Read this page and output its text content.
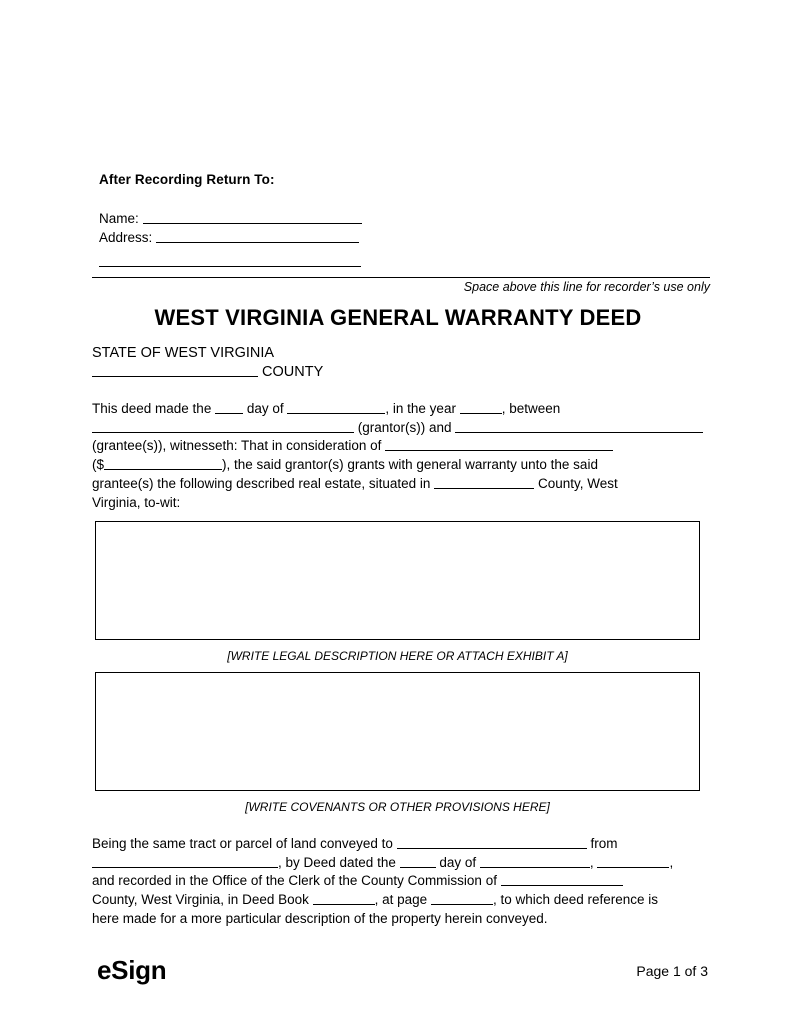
After Recording Return To:
Name:
Address:
Space above this line for recorder’s use only
WEST VIRGINIA GENERAL WARRANTY DEED
STATE OF WEST VIRGINIA
COUNTY
This deed made the	day of	, in the year	, between
(grantor(s)) and
(grantee(s)), witnesseth: That in consideration of
($	), the said grantor(s) grants with general warranty unto the said
grantee(s) the following described real estate, situated in	County, West
Virginia, to-wit:
[WRITE LEGAL DESCRIPTION HERE OR ATTACH EXHIBIT A]
[WRITE COVENANTS OR OTHER PROVISIONS HERE]
Being the same tract or parcel of land conveyed to	from
, by Deed dated the	day of	,	,
and recorded in the Office of the Clerk of the County Commission of
County, West Virginia, in Deed Book	, at page	, to which deed reference is
here made for a more particular description of the property herein conveyed.
eSign	Page 1 of 3
